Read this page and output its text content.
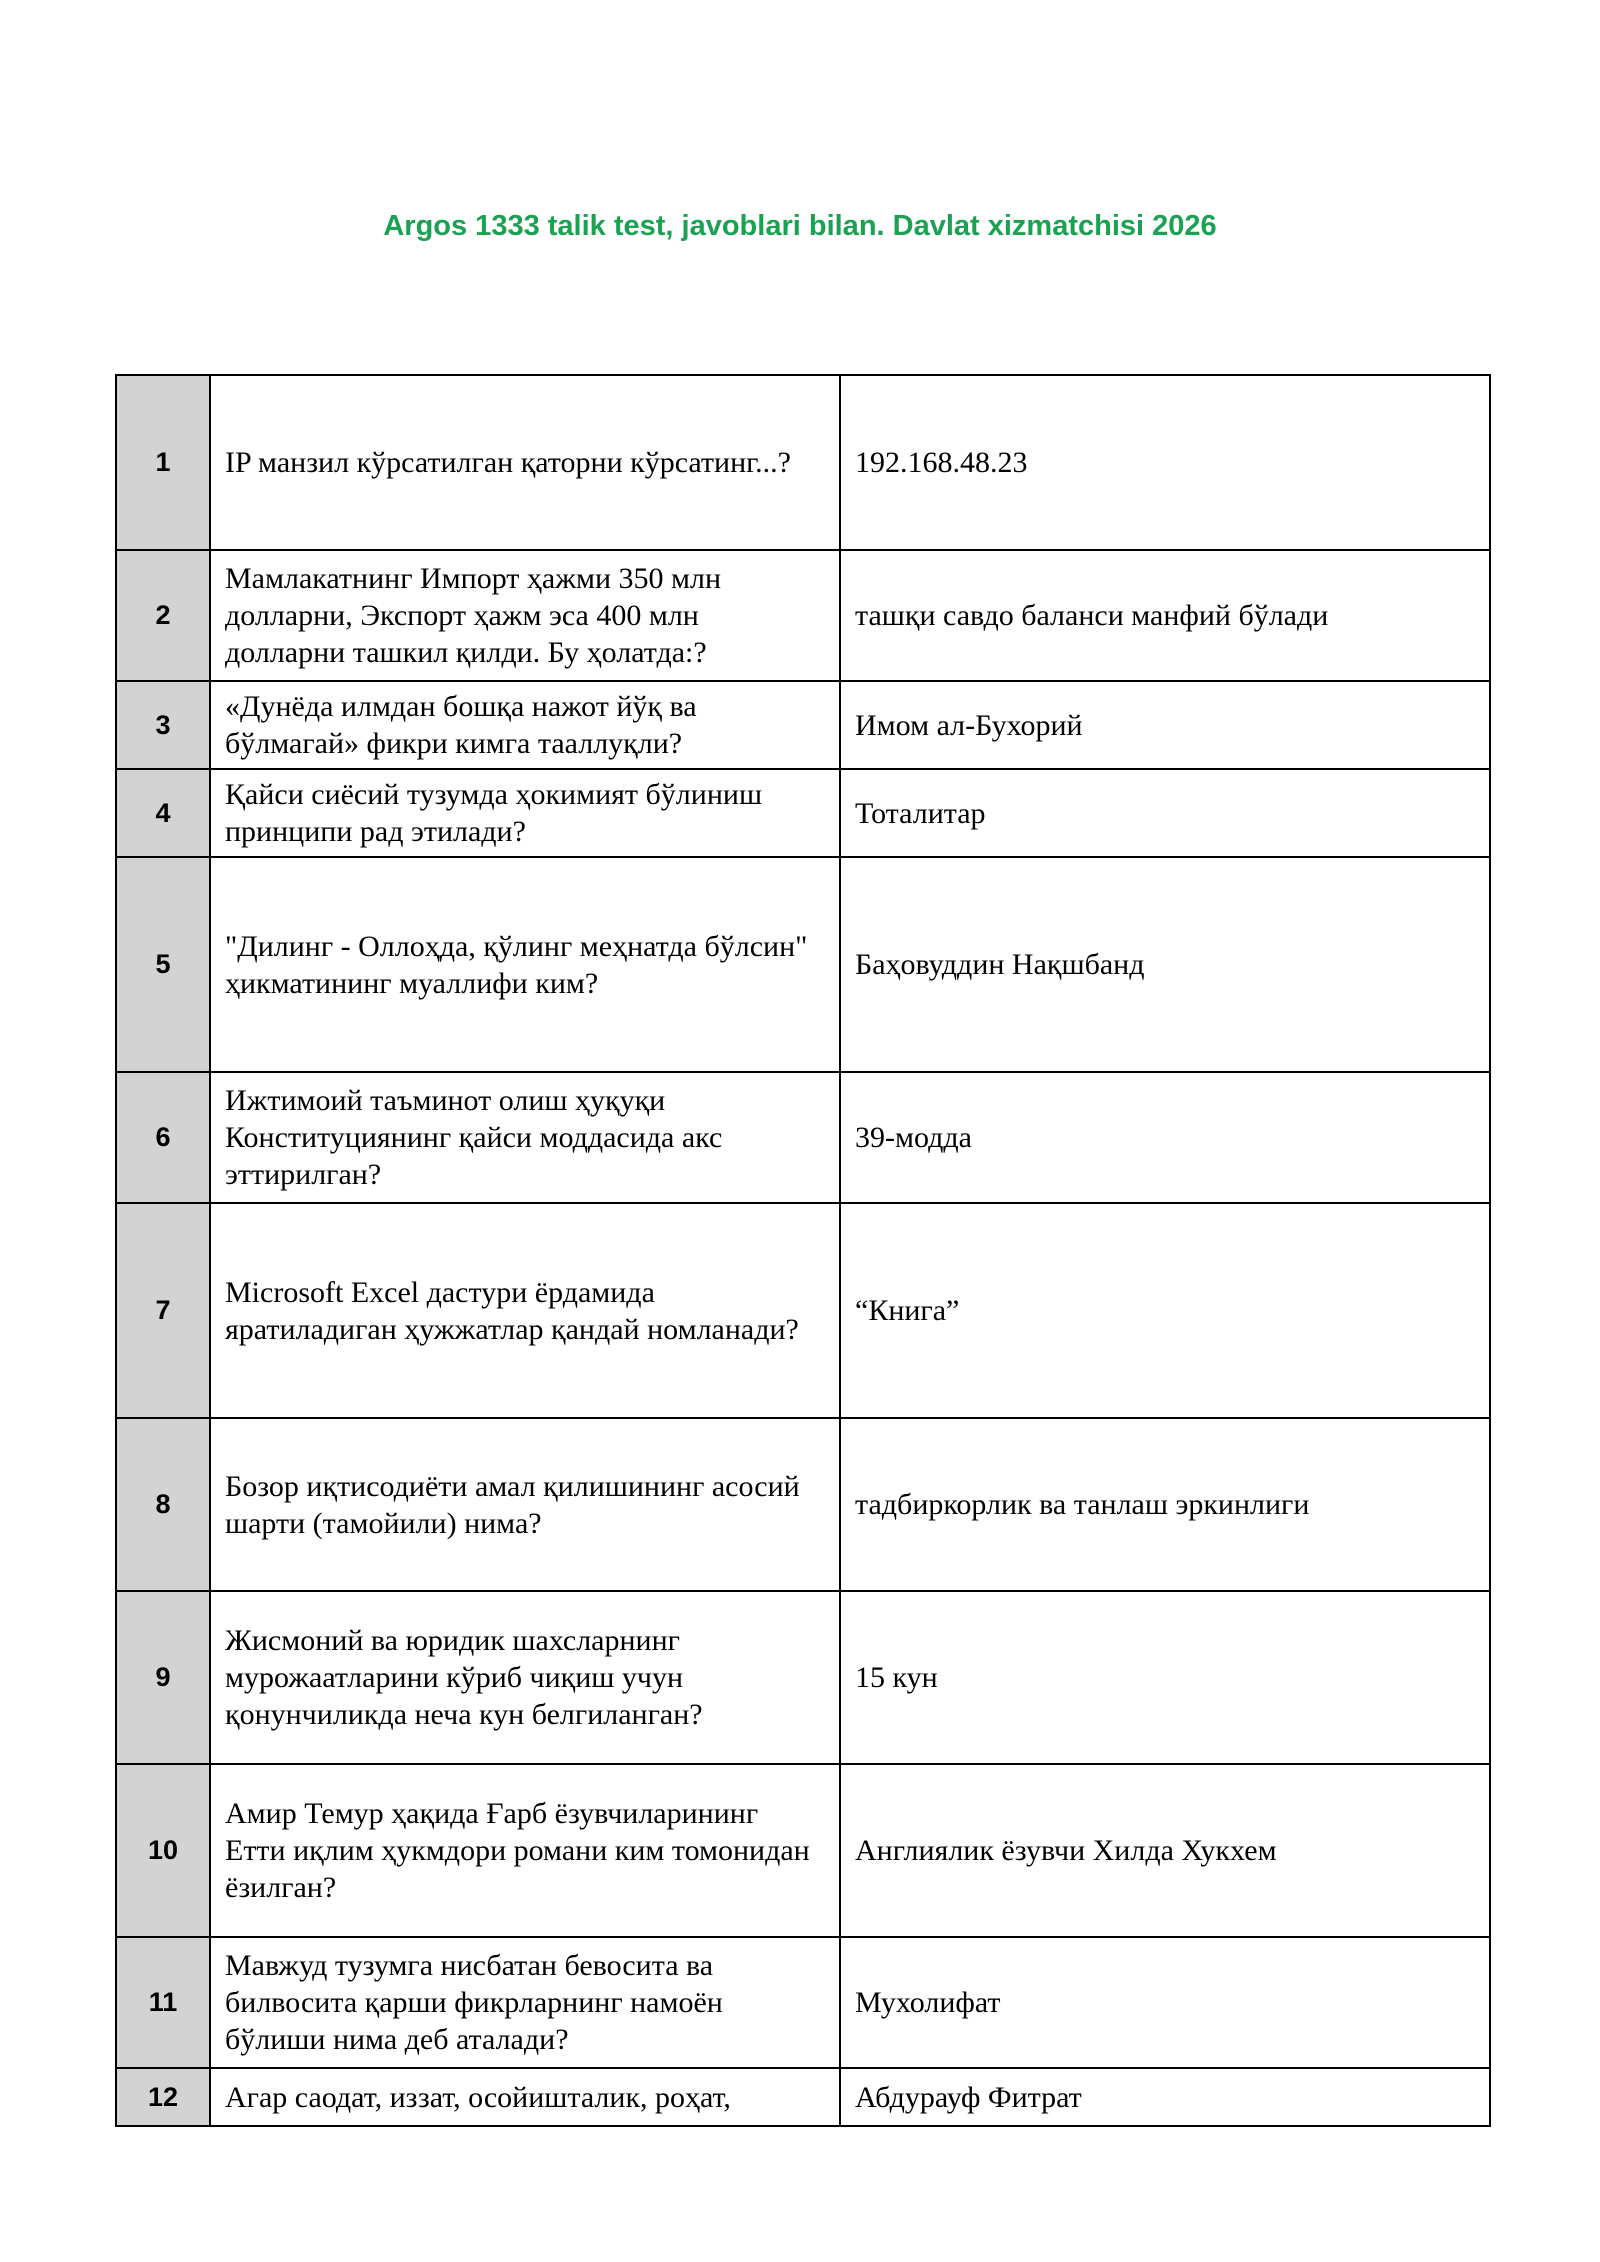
Argos 1333 talik test, javoblari bilan. Davlat xizmatchisi 2026
1	IP манзил кўрсатилган қаторни кўрсатинг...?	192.168.48.23

2	Мамлакатнинг Импорт ҳажми 350 млн долларни, Экспорт ҳажм эса 400 млн долларни ташкил қилди. Бу ҳолатда:?	ташқи савдо баланси манфий бўлади

3	«Дунёда илмдан бошқа нажот йўқ ва бўлмагай» фикри кимга тааллуқли?	Имом ал-Бухорий

4	Қайси сиёсий тузумда ҳокимият бўлиниш принципи рад этилади?	Тоталитар

5	"Дилинг - Оллоҳда, қўлинг меҳнатда бўлсин" ҳикматининг муаллифи ким?	Баҳовуддин Нақшбанд

6	Ижтимоий таъминот олиш ҳуқуқи Конституциянинг қайси моддасида акс эттирилган?	39-модда

7	Microsoft Excel дастури ёрдамида яратиладиган ҳужжатлар қандай номланади?	“Книга”

8	Бозор иқтисодиёти амал қилишининг асосий шарти (тамойили) нима?	тадбиркорлик ва танлаш эркинлиги

9	Жисмоний ва юридик шахсларнинг мурожаатларини кўриб чиқиш учун қонунчиликда неча кун белгиланган?	15 кун

10	Амир Темур ҳақида Ғарб ёзувчиларининг Етти иқлим ҳукмдори романи ким томонидан ёзилган?	Англиялик ёзувчи Хилда Хукхем

11	Мавжуд тузумга нисбатан бевосита ва билвосита қарши фикрларнинг намоён бўлиши нима деб аталади?	Мухолифат

12	Агар саодат, иззат, осойишталик, роҳат,	Абдурауф Фитрат
